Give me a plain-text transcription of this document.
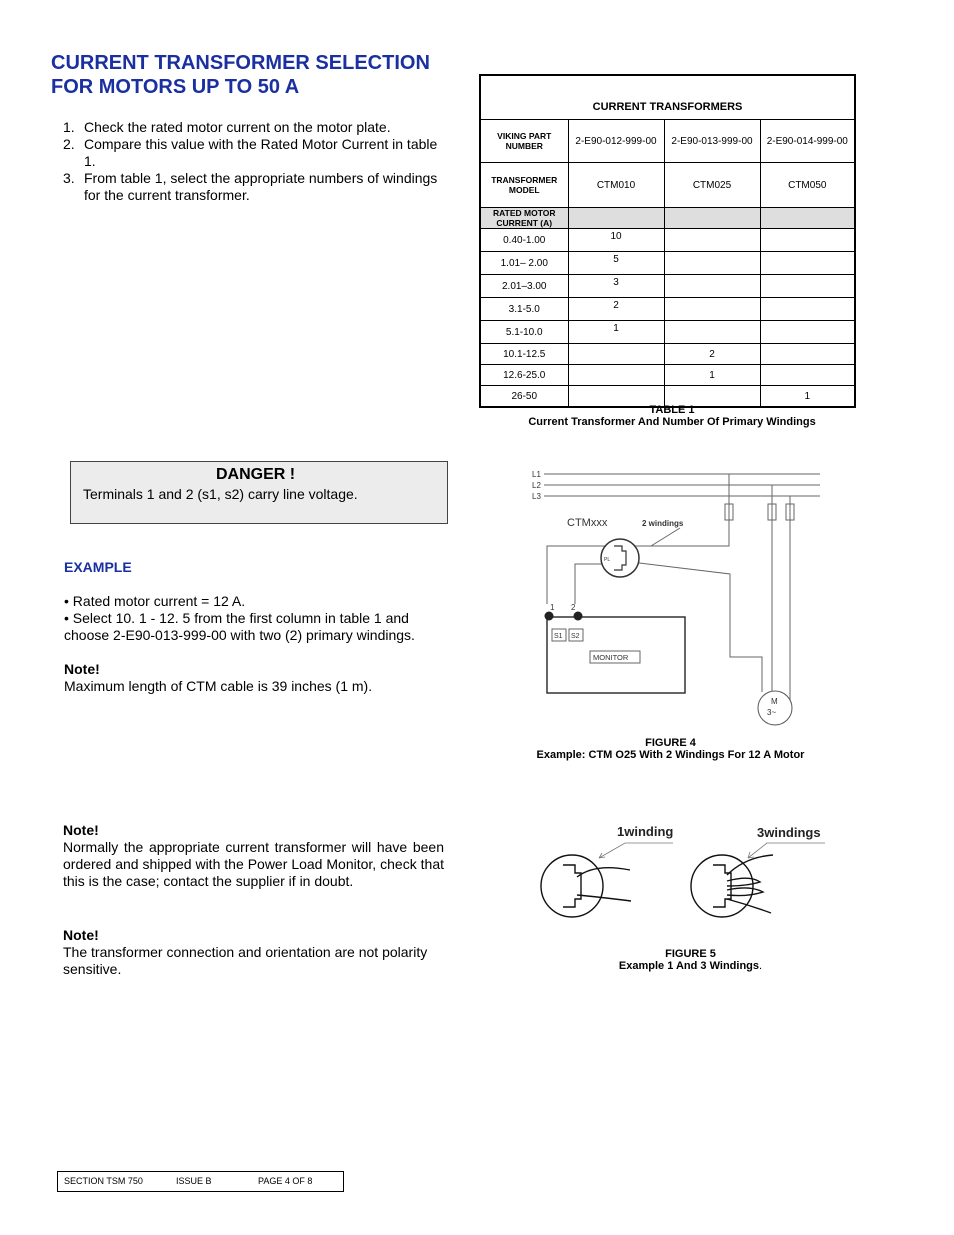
CURRENT TRANSFORMER SELECTION
FOR MOTORS UP TO 50 A
1. Check the rated motor current on the motor plate.
2. Compare this value with the Rated Motor Current in table 1.
3. From table 1, select the appropriate numbers of windings for the current transformer.
CURRENT TRANSFORMERS			
VIKING PART NUMBER	2-E90-012-999-00	2-E90-013-999-00	2-E90-014-999-00
TRANSFORMER MODEL	CTM010	CTM025	CTM050
RATED MOTOR CURRENT (A)			
0.40-1.00	10		
1.01– 2.00	5		
2.01–3.00	3		
3.1-5.0	2		
5.1-10.0	1		
10.1-12.5		2	
12.6-25.0		1	
26-50			1
TABLE 1
Current Transformer And Number Of Primary Windings
DANGER !
Terminals 1 and 2 (s1, s2) carry line voltage.
EXAMPLE
• Rated motor current = 12 A.
• Select 10. 1 - 12. 5 from the first column in table 1 and choose 2-E90-013-999-00 with two (2) primary windings.
Note!
Maximum length of CTM cable is 39 inches (1 m).
L1
L2
L3
CTMxxx	2 windings
PL
1 2
S1 S2
MONITOR
M
3~
FIGURE 4
Example: CTM O25 With 2 Windings For 12 A Motor
Note!
Normally the appropriate current transformer will have been ordered and shipped with the Power Load Monitor, check that this is the case; contact the supplier if in doubt.
Note!
The transformer connection and orientation are not polarity sensitive.
1winding	3windings
FIGURE 5
Example 1 And 3 Windings.
SECTION TSM 750	ISSUE B	PAGE 4 OF 8
